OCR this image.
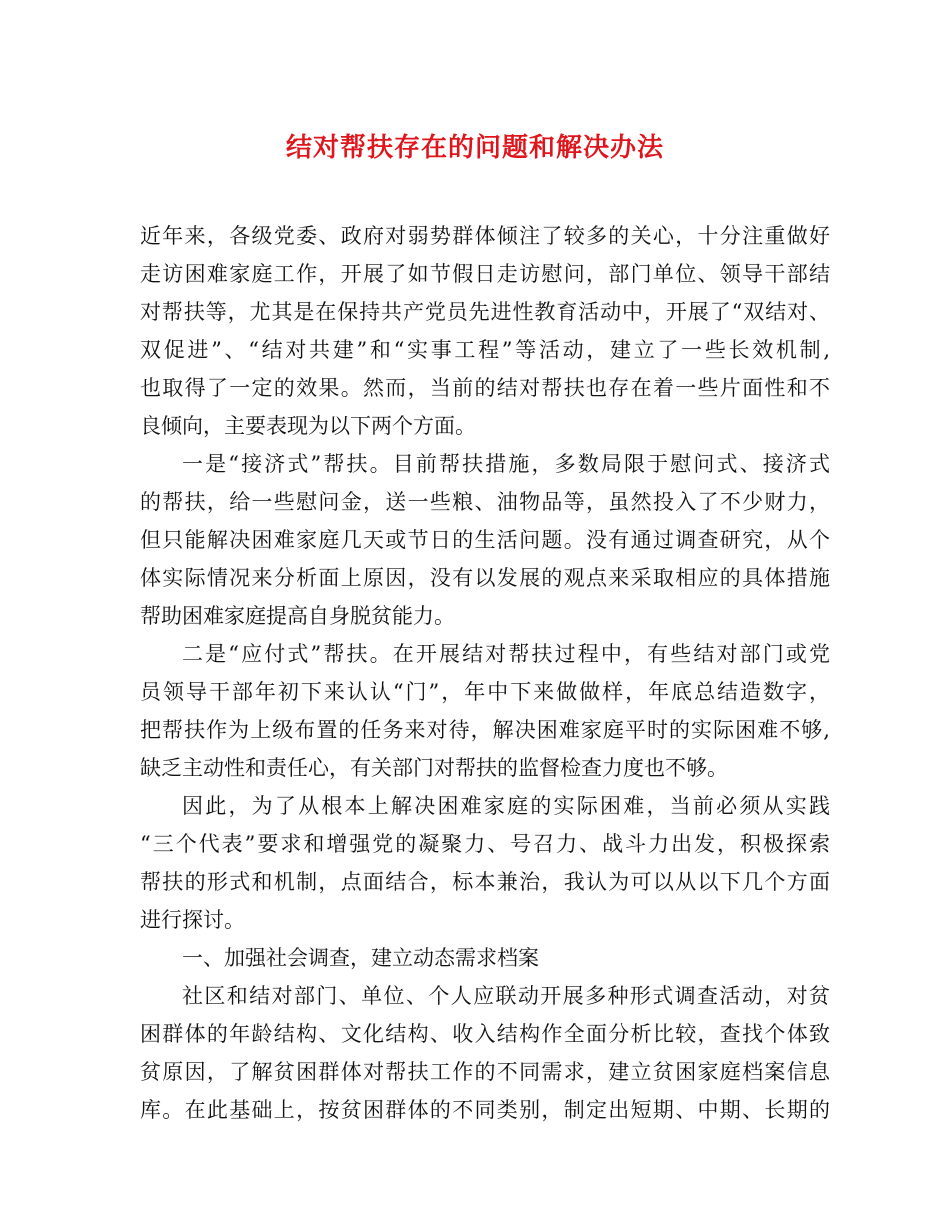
结对帮扶存在的问题和解决办法

近年来，各级党委、政府对弱势群体倾注了较多的关心，十分注重做好

走访困难家庭工作，开展了如节假日走访慰问，部门单位、领导干部结

对帮扶等，尤其是在保持共产党员先进性教育活动中，开展了“双结对、

双促进”、“结对共建”和“实事工程”等活动，建立了一些长效机制,

也取得了一定的效果。然而，当前的结对帮扶也存在着一些片面性和不

良倾向，主要表现为以下两个方面。

一是“接济式”帮扶。目前帮扶措施，多数局限于慰问式、接济式

的帮扶，给一些慰问金，送一些粮、油物品等，虽然投入了不少财力，

但只能解决困难家庭几天或节日的生活问题。没有通过调查研究，从个

体实际情况来分析面上原因，没有以发展的观点来采取相应的具体措施

帮助困难家庭提高自身脱贫能力。

二是“应付式”帮扶。在开展结对帮扶过程中，有些结对部门或党

员领导干部年初下来认认“门”，年中下来做做样，年底总结造数字，

把帮扶作为上级布置的任务来对待，解决困难家庭平时的实际困难不够,

缺乏主动性和责任心，有关部门对帮扶的监督检查力度也不够。

因此，为了从根本上解决困难家庭的实际困难，当前必须从实践

“三个代表”要求和增强党的凝聚力、号召力、战斗力出发，积极探索

帮扶的形式和机制，点面结合，标本兼治，我认为可以从以下几个方面

进行探讨。

一、加强社会调查，建立动态需求档案

社区和结对部门、单位、个人应联动开展多种形式调查活动，对贫

困群体的年龄结构、文化结构、收入结构作全面分析比较，查找个体致

贫原因，了解贫困群体对帮扶工作的不同需求，建立贫困家庭档案信息

库。在此基础上，按贫困群体的不同类别，制定出短期、中期、长期的
